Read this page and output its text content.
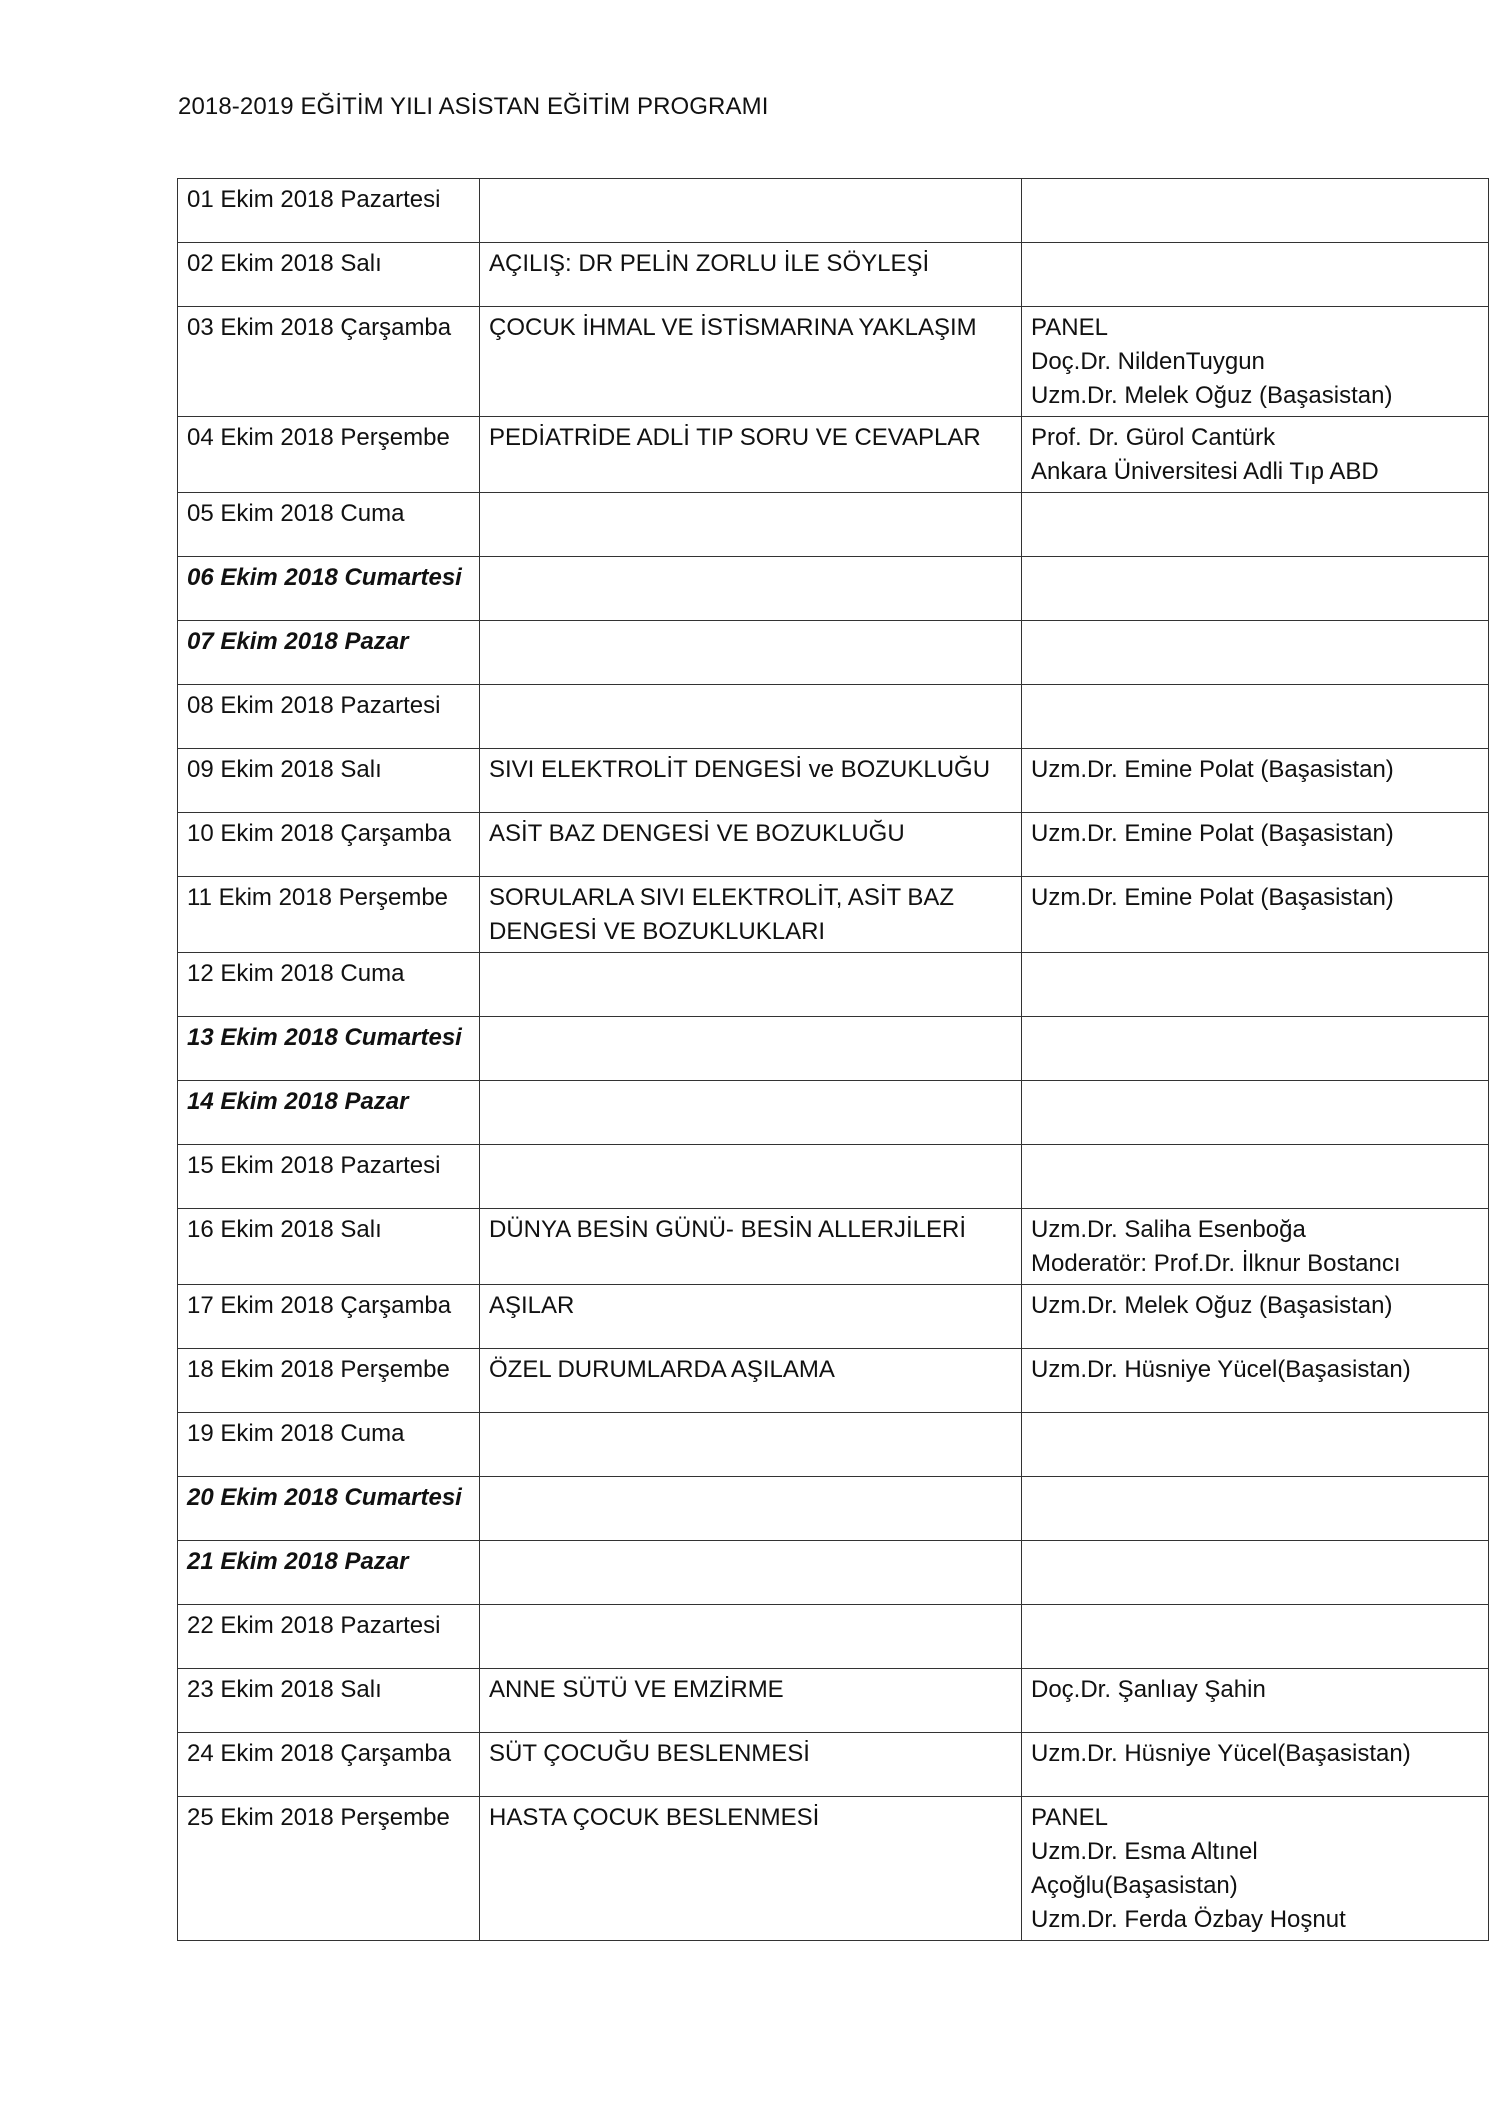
2018-2019 EĞİTİM YILI ASİSTAN EĞİTİM PROGRAMI
01 Ekim 2018 Pazartesi	

02 Ekim 2018 Salı	AÇILIŞ: DR PELİN ZORLU İLE SÖYLEŞİ	

03 Ekim 2018 Çarşamba	ÇOCUK İHMAL VE İSTİSMARINA YAKLAŞIM	PANEL
Doç.Dr. NildenTuygun
Uzm.Dr. Melek Oğuz (Başasistan)

04 Ekim 2018 Perşembe	PEDİATRİDE ADLİ TIP SORU VE CEVAPLAR	Prof. Dr. Gürol Cantürk
Ankara Üniversitesi Adli Tıp ABD

05 Ekim 2018 Cuma	

06 Ekim 2018 Cumartesi	

07 Ekim 2018 Pazar	

08 Ekim 2018 Pazartesi	

09 Ekim 2018 Salı	SIVI ELEKTROLİT DENGESİ ve BOZUKLUĞU	Uzm.Dr. Emine Polat (Başasistan)

10 Ekim 2018 Çarşamba	ASİT BAZ DENGESİ VE BOZUKLUĞU	Uzm.Dr. Emine Polat (Başasistan)

11 Ekim 2018 Perşembe	SORULARLA SIVI ELEKTROLİT, ASİT BAZ DENGESİ VE BOZUKLUKLARI	Uzm.Dr. Emine Polat (Başasistan)

12 Ekim 2018 Cuma	

13 Ekim 2018 Cumartesi	

14 Ekim 2018 Pazar	

15 Ekim 2018 Pazartesi	

16 Ekim 2018 Salı	DÜNYA BESİN GÜNÜ- BESİN ALLERJİLERİ	Uzm.Dr. Saliha Esenboğa
Moderatör: Prof.Dr. İlknur Bostancı

17 Ekim 2018 Çarşamba	AŞILAR	Uzm.Dr. Melek Oğuz (Başasistan)

18 Ekim 2018 Perşembe	ÖZEL DURUMLARDA AŞILAMA	Uzm.Dr. Hüsniye Yücel(Başasistan)

19 Ekim 2018 Cuma	

20 Ekim 2018 Cumartesi	

21 Ekim 2018 Pazar	

22 Ekim 2018 Pazartesi	

23 Ekim 2018 Salı	ANNE SÜTÜ VE EMZİRME	Doç.Dr. Şanlıay Şahin

24 Ekim 2018 Çarşamba	SÜT ÇOCUĞU BESLENMESİ	Uzm.Dr. Hüsniye Yücel(Başasistan)

25 Ekim 2018 Perşembe	HASTA ÇOCUK BESLENMESİ	PANEL
Uzm.Dr. Esma Altınel
Açoğlu(Başasistan)
Uzm.Dr. Ferda Özbay Hoşnut
